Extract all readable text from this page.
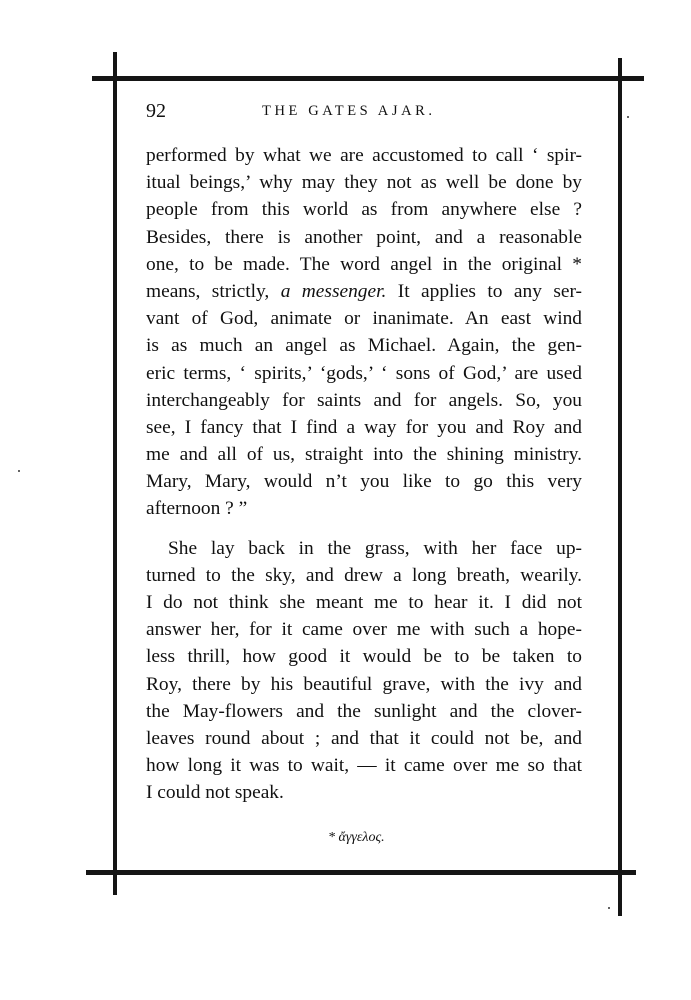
92	THE GATES AJAR.
performed by what we are accustomed to call ‘ spir-
itual beings,’ why may they not as well be done by
people from this world as from anywhere else ?
Besides, there is another point, and a reasonable
one, to be made. The word angel in the original *
means, strictly, a messenger. It applies to any ser-
vant of God, animate or inanimate. An east wind
is as much an angel as Michael. Again, the gen-
eric terms, ‘ spirits,’ ‘gods,’ ‘ sons of God,’ are used
interchangeably for saints and for angels. So, you
see, I fancy that I find a way for you and Roy and
me and all of us, straight into the shining ministry.
Mary, Mary, would n’t you like to go this very
afternoon ? ”
She lay back in the grass, with her face up-
turned to the sky, and drew a long breath, wearily.
I do not think she meant me to hear it. I did not
answer her, for it came over me with such a hope-
less thrill, how good it would be to be taken to
Roy, there by his beautiful grave, with the ivy and
the May-flowers and the sunlight and the clover-
leaves round about ; and that it could not be, and
how long it was to wait, — it came over me so that
I could not speak.
* ἄγγελος.
